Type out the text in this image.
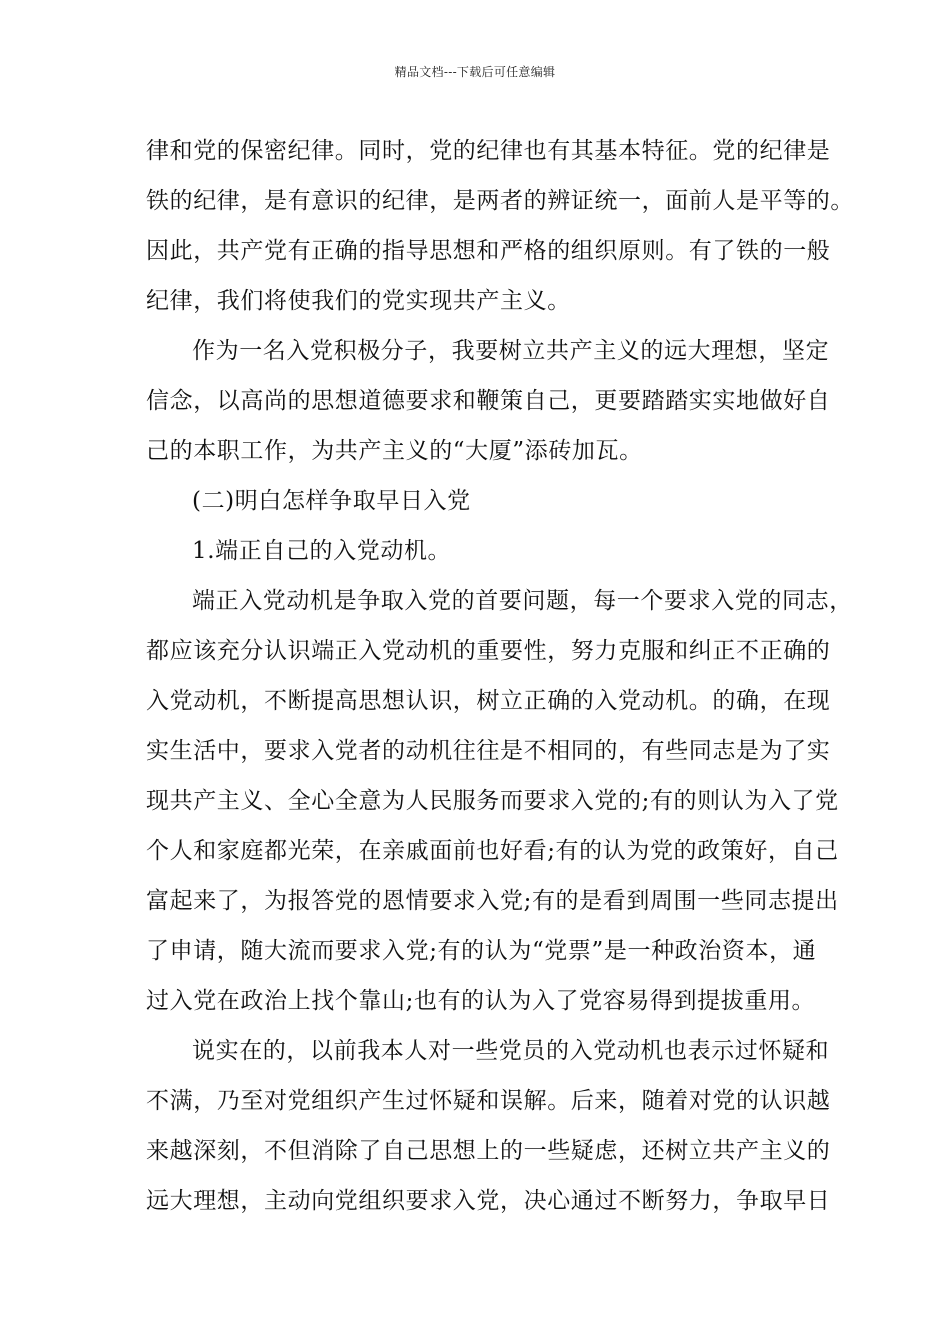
精品文档---下载后可任意编辑
律和党的保密纪律。同时，党的纪律也有其基本特征。党的纪律是
铁的纪律，是有意识的纪律，是两者的辨证统一，面前人是平等的。
因此，共产党有正确的指导思想和严格的组织原则。有了铁的一般
纪律，我们将使我们的党实现共产主义。
作为一名入党积极分子，我要树立共产主义的远大理想，坚定
信念，以高尚的思想道德要求和鞭策自己，更要踏踏实实地做好自
己的本职工作，为共产主义的“大厦”添砖加瓦。
(二)明白怎样争取早日入党
1.端正自己的入党动机。
端正入党动机是争取入党的首要问题，每一个要求入党的同志，
都应该充分认识端正入党动机的重要性，努力克服和纠正不正确的
入党动机，不断提高思想认识，树立正确的入党动机。的确，在现
实生活中，要求入党者的动机往往是不相同的，有些同志是为了实
现共产主义、全心全意为人民服务而要求入党的;有的则认为入了党
个人和家庭都光荣，在亲戚面前也好看;有的认为党的政策好，自己
富起来了，为报答党的恩情要求入党;有的是看到周围一些同志提出
了申请，随大流而要求入党;有的认为“党票”是一种政治资本，通
过入党在政治上找个靠山;也有的认为入了党容易得到提拔重用。
说实在的，以前我本人对一些党员的入党动机也表示过怀疑和
不满，乃至对党组织产生过怀疑和误解。后来，随着对党的认识越
来越深刻，不但消除了自己思想上的一些疑虑，还树立共产主义的
远大理想，主动向党组织要求入党，决心通过不断努力，争取早日
